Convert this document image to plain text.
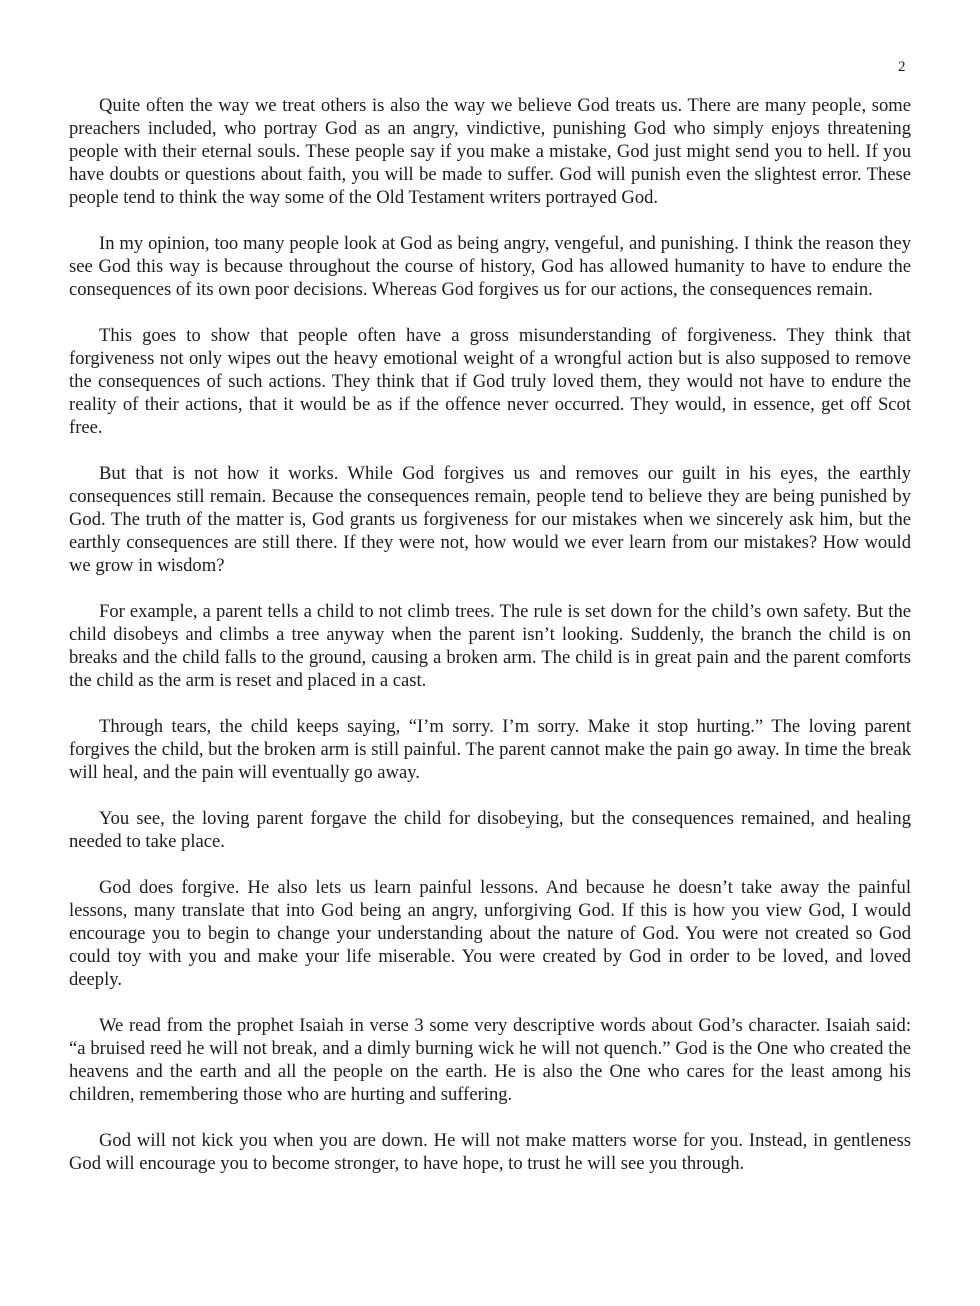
2

Quite often the way we treat others is also the way we believe God treats us. There are many people, some preachers included, who portray God as an angry, vindictive, punishing God who simply enjoys threatening people with their eternal souls. These people say if you make a mistake, God just might send you to hell. If you have doubts or questions about faith, you will be made to suffer. God will punish even the slightest error. These people tend to think the way some of the Old Testament writers portrayed God.

In my opinion, too many people look at God as being angry, vengeful, and punishing. I think the reason they see God this way is because throughout the course of history, God has allowed humanity to have to endure the consequences of its own poor decisions. Whereas God forgives us for our actions, the consequences remain.

This goes to show that people often have a gross misunderstanding of forgiveness. They think that forgiveness not only wipes out the heavy emotional weight of a wrongful action but is also supposed to remove the consequences of such actions. They think that if God truly loved them, they would not have to endure the reality of their actions, that it would be as if the offence never occurred. They would, in essence, get off Scot free.

But that is not how it works. While God forgives us and removes our guilt in his eyes, the earthly consequences still remain. Because the consequences remain, people tend to believe they are being punished by God. The truth of the matter is, God grants us forgiveness for our mistakes when we sincerely ask him, but the earthly consequences are still there. If they were not, how would we ever learn from our mistakes? How would we grow in wisdom?

For example, a parent tells a child to not climb trees. The rule is set down for the child’s own safety. But the child disobeys and climbs a tree anyway when the parent isn’t looking. Suddenly, the branch the child is on breaks and the child falls to the ground, causing a broken arm. The child is in great pain and the parent comforts the child as the arm is reset and placed in a cast.

Through tears, the child keeps saying, “I’m sorry. I’m sorry. Make it stop hurting.” The loving parent forgives the child, but the broken arm is still painful. The parent cannot make the pain go away. In time the break will heal, and the pain will eventually go away.

You see, the loving parent forgave the child for disobeying, but the consequences remained, and healing needed to take place.

God does forgive. He also lets us learn painful lessons. And because he doesn’t take away the painful lessons, many translate that into God being an angry, unforgiving God. If this is how you view God, I would encourage you to begin to change your understanding about the nature of God. You were not created so God could toy with you and make your life miserable. You were created by God in order to be loved, and loved deeply.

We read from the prophet Isaiah in verse 3 some very descriptive words about God’s character. Isaiah said: “a bruised reed he will not break, and a dimly burning wick he will not quench.” God is the One who created the heavens and the earth and all the people on the earth. He is also the One who cares for the least among his children, remembering those who are hurting and suffering.

God will not kick you when you are down. He will not make matters worse for you. Instead, in gentleness God will encourage you to become stronger, to have hope, to trust he will see you through.
